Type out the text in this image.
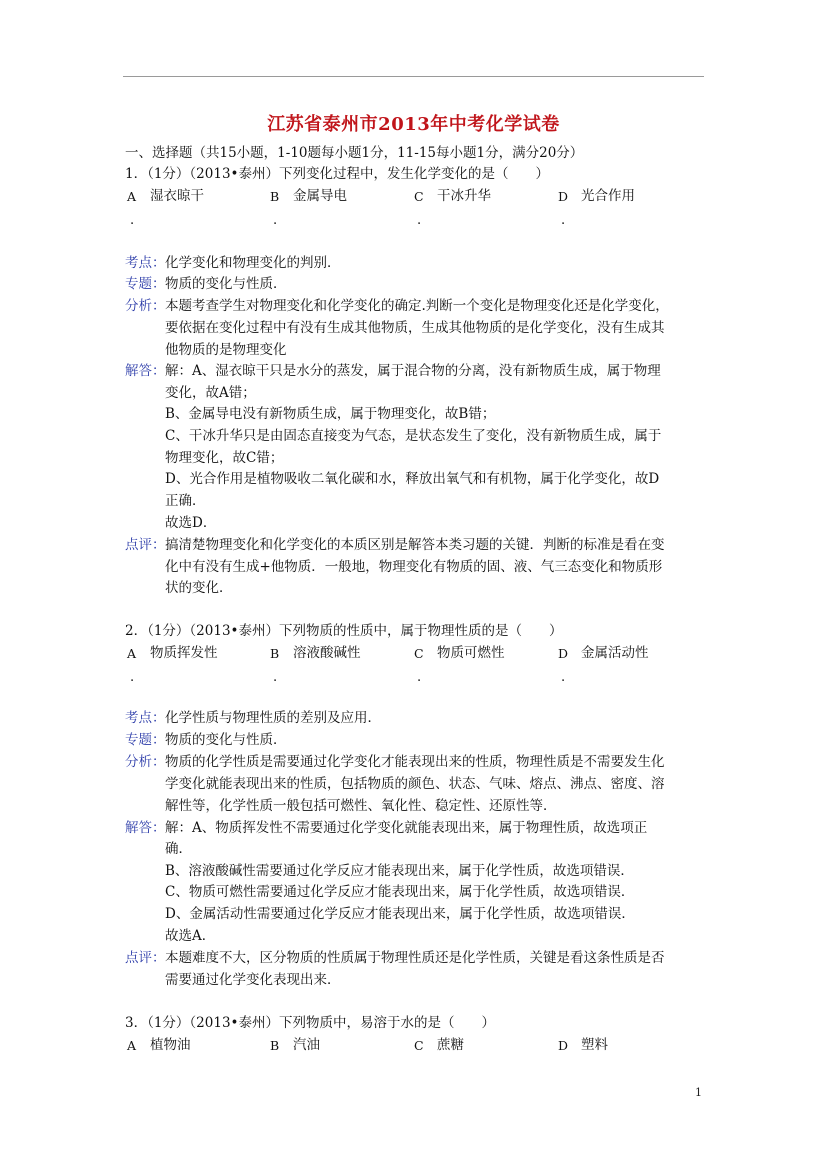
江苏省泰州市2013年中考化学试卷
一、选择题（共15小题，1-10题每小题1分，11-15每小题1分，满分20分）
1．（1分）（2013•泰州）下列变化过程中，发生化学变化的是（　　）
A 湿衣晾干
.
B 金属导电
.
C 干冰升华
.
D 光合作用
.
考点： 化学变化和物理变化的判别．
专题： 物质的变化与性质．
分析： 本题考查学生对物理变化和化学变化的确定.判断一个变化是物理变化还是化学变化，
要依据在变化过程中有没有生成其他物质，生成其他物质的是化学变化，没有生成其
他物质的是物理变化
解答： 解：A、湿衣晾干只是水分的蒸发，属于混合物的分离，没有新物质生成，属于物理
变化，故A错；
B、金属导电没有新物质生成，属于物理变化，故B错；
C、干冰升华只是由固态直接变为气态，是状态发生了变化，没有新物质生成，属于
物理变化，故C错；
D、光合作用是植物吸收二氧化碳和水，释放出氧气和有机物，属于化学变化，故D
正确．
故选D．
点评： 搞清楚物理变化和化学变化的本质区别是解答本类习题的关键．判断的标准是看在变
化中有没有生成+他物质．一般地，物理变化有物质的固、液、气三态变化和物质形
状的变化．
2．（1分）（2013•泰州）下列物质的性质中，属于物理性质的是（　　）
A 物质挥发性
.
B 溶液酸碱性
.
C 物质可燃性
.
D 金属活动性
.
考点： 化学性质与物理性质的差别及应用．
专题： 物质的变化与性质．
分析： 物质的化学性质是需要通过化学变化才能表现出来的性质，物理性质是不需要发生化
学变化就能表现出来的性质，包括物质的颜色、状态、气味、熔点、沸点、密度、溶
解性等，化学性质一般包括可燃性、氧化性、稳定性、还原性等．
解答： 解：A、物质挥发性不需要通过化学变化就能表现出来，属于物理性质，故选项正
确．
B、溶液酸碱性需要通过化学反应才能表现出来，属于化学性质，故选项错误．
C、物质可燃性需要通过化学反应才能表现出来，属于化学性质，故选项错误．
D、金属活动性需要通过化学反应才能表现出来，属于化学性质，故选项错误．
故选A．
点评： 本题难度不大，区分物质的性质属于物理性质还是化学性质，关键是看这条性质是否
需要通过化学变化表现出来．
3．（1分）（2013•泰州）下列物质中，易溶于水的是（　　）
A 植物油	B 汽油	C 蔗糖	D 塑料
1
